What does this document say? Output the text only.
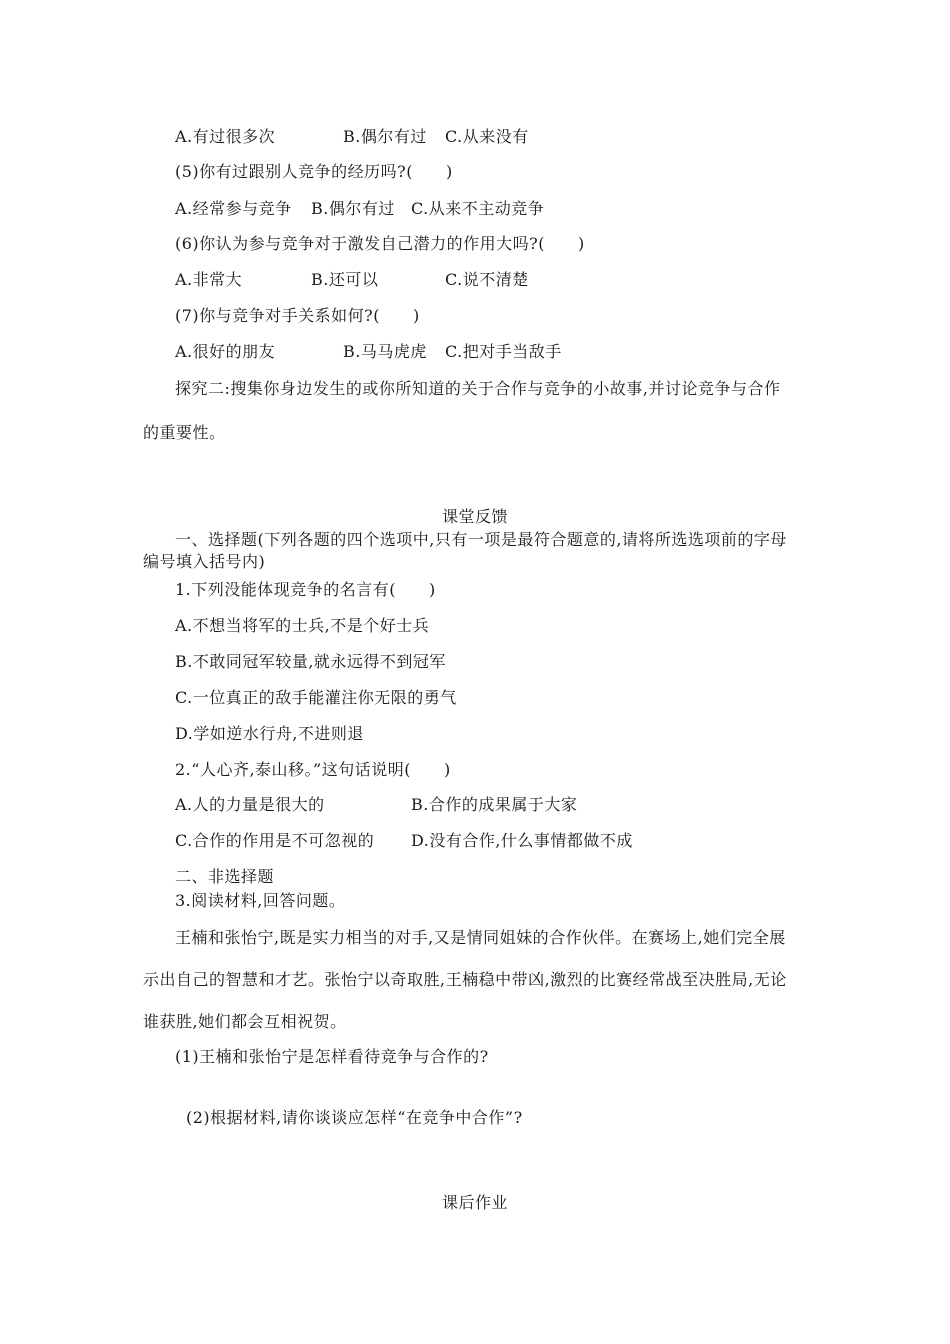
A.有过很多次	B.偶尔有过 C.从来没有
(5)你有过跟别人竞争的经历吗?(　　)
A.经常参与竞争 B.偶尔有过 C.从来不主动竞争
(6)你认为参与竞争对于激发自己潜力的作用大吗?(　　)
A.非常大	B.还可以	C.说不清楚
(7)你与竞争对手关系如何?(　　)
A.很好的朋友	B.马马虎虎 C.把对手当敌手
探究二:搜集你身边发生的或你所知道的关于合作与竞争的小故事,并讨论竞争与合作
的重要性。
课堂反馈
一、选择题(下列各题的四个选项中,只有一项是最符合题意的,请将所选选项前的字母
编号填入括号内)
1.下列没能体现竞争的名言有(　　)
A.不想当将军的士兵,不是个好士兵
B.不敢同冠军较量,就永远得不到冠军
C.一位真正的敌手能灌注你无限的勇气
D.学如逆水行舟,不进则退
2.“人心齐,泰山移。”这句话说明(　　)
A.人的力量是很大的	B.合作的成果属于大家
C.合作的作用是不可忽视的 D.没有合作,什么事情都做不成
二、非选择题
3.阅读材料,回答问题。
王楠和张怡宁,既是实力相当的对手,又是情同姐妹的合作伙伴。在赛场上,她们完全展
示出自己的智慧和才艺。张怡宁以奇取胜,王楠稳中带凶,激烈的比赛经常战至决胜局,无论
谁获胜,她们都会互相祝贺。
(1)王楠和张怡宁是怎样看待竞争与合作的?
(2)根据材料,请你谈谈应怎样“在竞争中合作”?
课后作业
